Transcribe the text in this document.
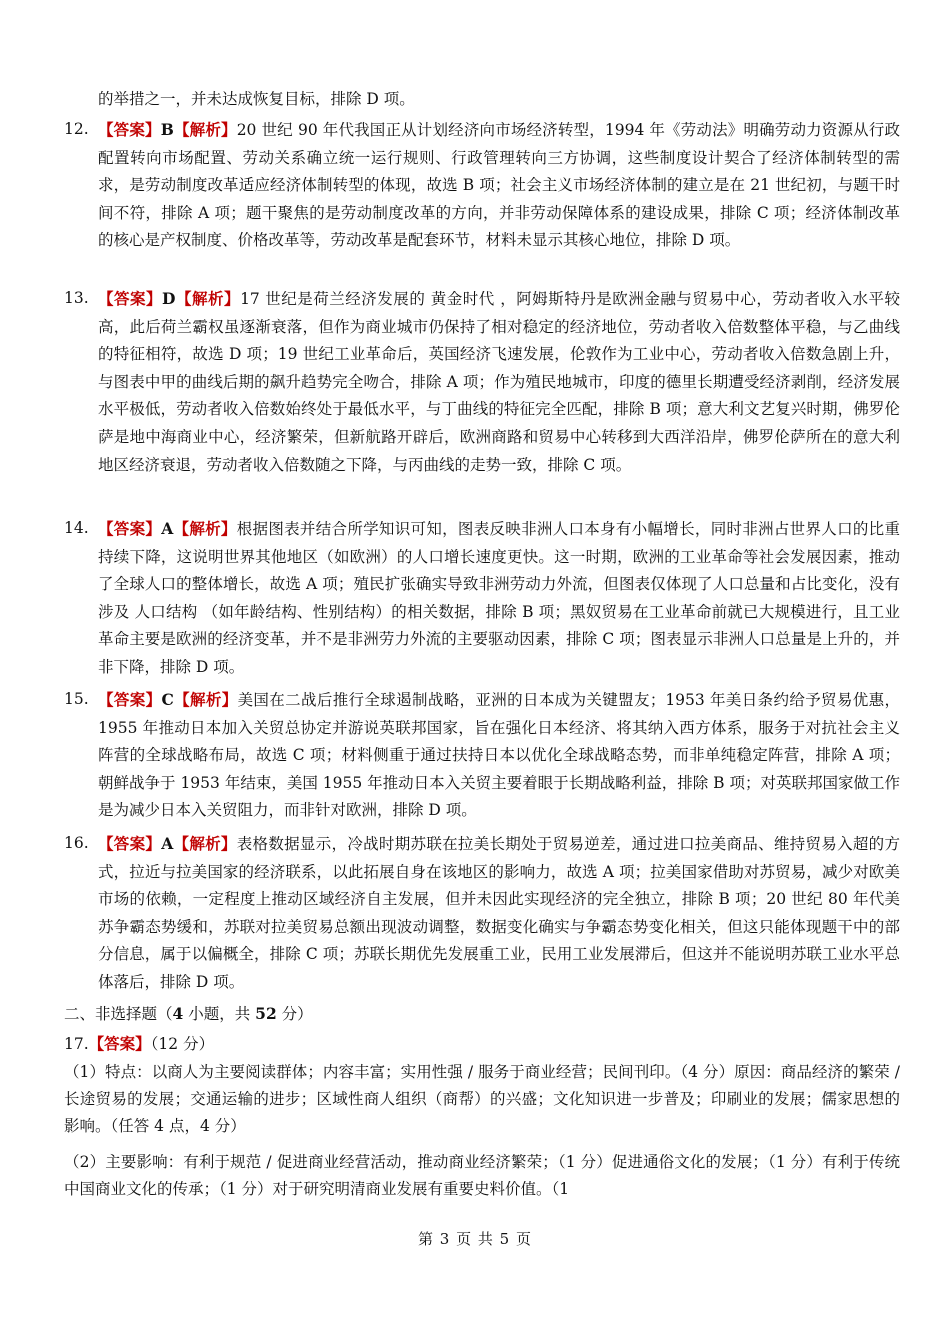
的举措之一，并未达成恢复目标，排除 D 项。
12. 【答案】B【解析】20 世纪 90 年代我国正从计划经济向市场经济转型，1994 年《劳动法》明确劳动力资源从行政配置转向市场配置、劳动关系确立统一运行规则、行政管理转向三方协调，这些制度设计契合了经济体制转型的需求，是劳动制度改革适应经济体制转型的体现，故选 B 项；社会主义市场经济体制的建立是在 21 世纪初，与题干时间不符，排除 A 项；题干聚焦的是劳动制度改革的方向，并非劳动保障体系的建设成果，排除 C 项；经济体制改革的核心是产权制度、价格改革等，劳动改革是配套环节，材料未显示其核心地位，排除 D 项。
13. 【答案】D【解析】17 世纪是荷兰经济发展的 黄金时代 ，阿姆斯特丹是欧洲金融与贸易中心，劳动者收入水平较高，此后荷兰霸权虽逐渐衰落，但作为商业城市仍保持了相对稳定的经济地位，劳动者收入倍数整体平稳，与乙曲线的特征相符，故选 D 项；19 世纪工业革命后，英国经济飞速发展，伦敦作为工业中心，劳动者收入倍数急剧上升，与图表中甲的曲线后期的飙升趋势完全吻合，排除 A 项；作为殖民地城市，印度的德里长期遭受经济剥削，经济发展水平极低，劳动者收入倍数始终处于最低水平，与丁曲线的特征完全匹配，排除 B 项；意大利文艺复兴时期，佛罗伦萨是地中海商业中心，经济繁荣，但新航路开辟后，欧洲商路和贸易中心转移到大西洋沿岸，佛罗伦萨所在的意大利地区经济衰退，劳动者收入倍数随之下降，与丙曲线的走势一致，排除 C 项。
14. 【答案】A【解析】根据图表并结合所学知识可知，图表反映非洲人口本身有小幅增长，同时非洲占世界人口的比重持续下降，这说明世界其他地区（如欧洲）的人口增长速度更快。这一时期，欧洲的工业革命等社会发展因素，推动了全球人口的整体增长，故选 A 项；殖民扩张确实导致非洲劳动力外流，但图表仅体现了人口总量和占比变化，没有涉及 人口结构 （如年龄结构、性别结构）的相关数据，排除 B 项；黑奴贸易在工业革命前就已大规模进行，且工业革命主要是欧洲的经济变革，并不是非洲劳力外流的主要驱动因素，排除 C 项；图表显示非洲人口总量是上升的，并非下降，排除 D 项。
15. 【答案】C【解析】美国在二战后推行全球遏制战略，亚洲的日本成为关键盟友；1953 年美日条约给予贸易优惠，1955 年推动日本加入关贸总协定并游说英联邦国家，旨在强化日本经济、将其纳入西方体系，服务于对抗社会主义阵营的全球战略布局，故选 C 项；材料侧重于通过扶持日本以优化全球战略态势，而非单纯稳定阵营，排除 A 项；朝鲜战争于 1953 年结束，美国 1955 年推动日本入关贸主要着眼于长期战略利益，排除 B 项；对英联邦国家做工作是为减少日本入关贸阻力，而非针对欧洲，排除 D 项。
16. 【答案】A【解析】表格数据显示，冷战时期苏联在拉美长期处于贸易逆差，通过进口拉美商品、维持贸易入超的方式，拉近与拉美国家的经济联系，以此拓展自身在该地区的影响力，故选 A 项；拉美国家借助对苏贸易，减少对欧美市场的依赖，一定程度上推动区域经济自主发展，但并未因此实现经济的完全独立，排除 B 项；20 世纪 80 年代美苏争霸态势缓和，苏联对拉美贸易总额出现波动调整，数据变化确实与争霸态势变化相关，但这只能体现题干中的部分信息，属于以偏概全，排除 C 项；苏联长期优先发展重工业，民用工业发展滞后，但这并不能说明苏联工业水平总体落后，排除 D 项。
二、非选择题（4 小题，共 52 分）
17.【答案】（12 分）
（1）特点：以商人为主要阅读群体；内容丰富；实用性强 / 服务于商业经营；民间刊印。（4 分）原因：商品经济的繁荣 / 长途贸易的发展；交通运输的进步；区域性商人组织（商帮）的兴盛；文化知识进一步普及；印刷业的发展；儒家思想的影响。（任答 4 点，4 分）
（2）主要影响：有利于规范 / 促进商业经营活动，推动商业经济繁荣；（1 分）促进通俗文化的发展；（1 分）有利于传统中国商业文化的传承；（1 分）对于研究明清商业发展有重要史料价值。（1
第 3 页 共 5 页
